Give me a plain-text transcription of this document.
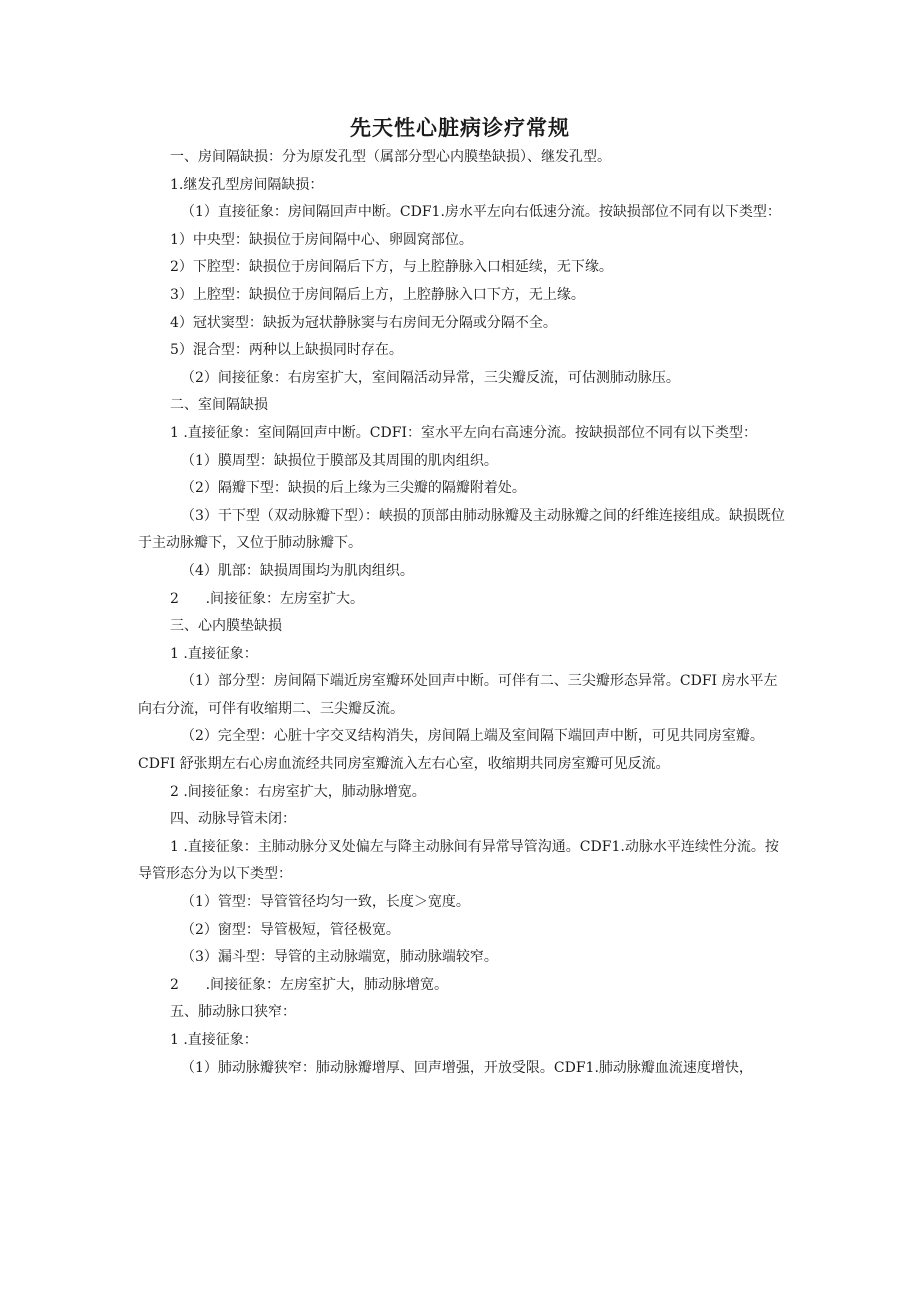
先天性心脏病诊疗常规

一、房间隔缺损：分为原发孔型（属部分型心内膜垫缺损）、继发孔型。

1.继发孔型房间隔缺损：

（1）直接征象：房间隔回声中断。CDF1.房水平左向右低速分流。按缺损部位不同有以下类型：

1）中央型：缺损位于房间隔中心、卵圆窝部位。

2）下腔型：缺损位于房间隔后下方，与上腔静脉入口相延续，无下缘。

3）上腔型：缺损位于房间隔后上方，上腔静脉入口下方，无上缘。

4）冠状窦型：缺扳为冠状静脉窦与右房间无分隔或分隔不全。

5）混合型：两种以上缺损同时存在。

（2）间接征象：右房室扩大，室间隔活动异常，三尖瓣反流，可估测肺动脉压。

二、室间隔缺损

1 .直接征象：室间隔回声中断。CDFI：室水平左向右高速分流。按缺损部位不同有以下类型：

（1）膜周型：缺损位于膜部及其周围的肌肉组织。

（2）隔瓣下型：缺损的后上缘为三尖瓣的隔瓣附着处。

（3）干下型（双动脉瓣下型）：峡损的顶部由肺动脉瓣及主动脉瓣之间的纤维连接组成。缺损既位于主动脉瓣下，又位于肺动脉瓣下。

（4）肌部：缺损周围均为肌肉组织。

2      .间接征象：左房室扩大。

三、心内膜垫缺损

1 .直接征象：

（1）部分型：房间隔下端近房室瓣环处回声中断。可伴有二、三尖瓣形态异常。CDFI 房水平左向右分流，可伴有收缩期二、三尖瓣反流。

（2）完全型：心脏十字交叉结构消失，房间隔上端及室间隔下端回声中断，可见共同房室瓣。CDFI 舒张期左右心房血流经共同房室瓣流入左右心室，收缩期共同房室瓣可见反流。

2 .间接征象：右房室扩大，肺动脉增宽。

四、动脉导管未闭：

1 .直接征象：主肺动脉分叉处偏左与降主动脉间有异常导管沟通。CDF1.动脉水平连续性分流。按导管形态分为以下类型：

（1）管型：导管管径均匀一致，长度＞宽度。

（2）窗型：导管极短，管径极宽。

（3）漏斗型：导管的主动脉端宽，肺动脉端较窄。

2      .间接征象：左房室扩大，肺动脉增宽。

五、肺动脉口狭窄：

1 .直接征象：

（1）肺动脉瓣狭窄：肺动脉瓣增厚、回声增强，开放受限。CDF1.肺动脉瓣血流速度增快，
